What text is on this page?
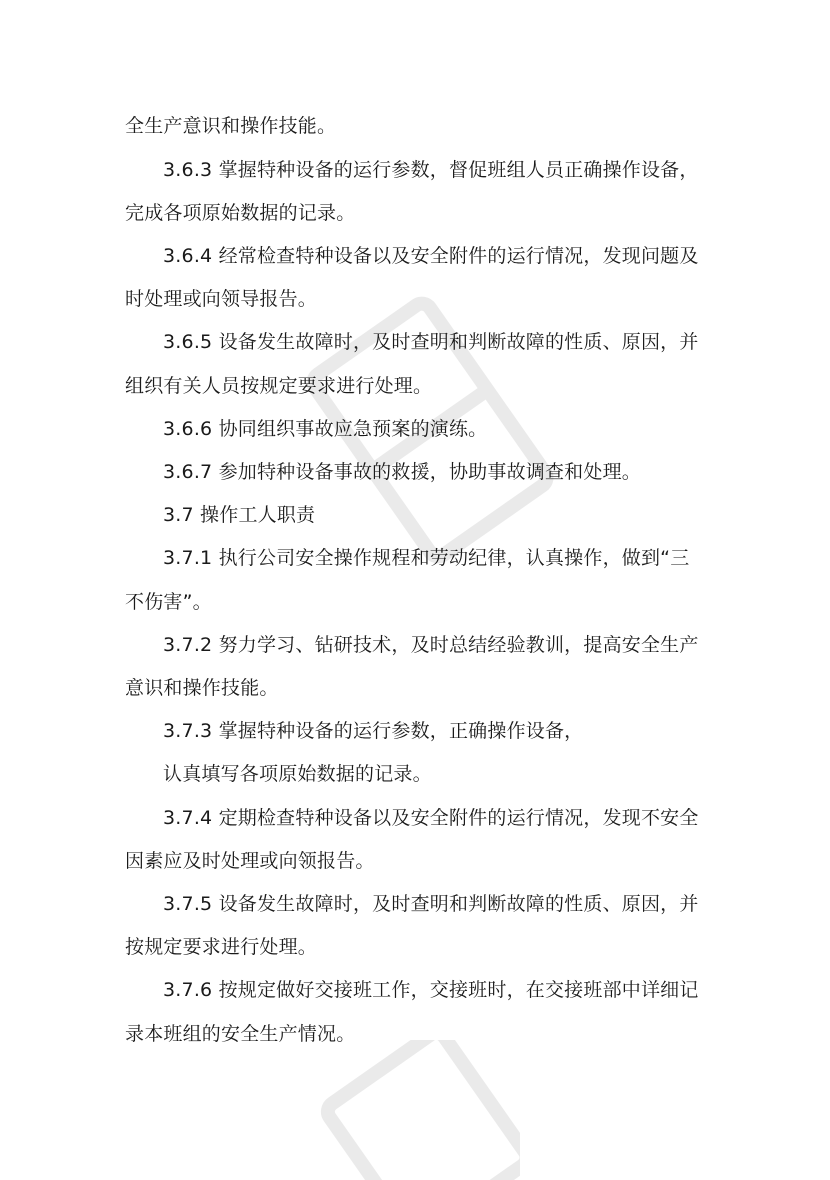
全生产意识和操作技能。
3.6.3 掌握特种设备的运行参数，督促班组人员正确操作设备，
完成各项原始数据的记录。
3.6.4 经常检查特种设备以及安全附件的运行情况，发现问题及
时处理或向领导报告。
3.6.5 设备发生故障时，及时查明和判断故障的性质、原因，并
组织有关人员按规定要求进行处理。
3.6.6 协同组织事故应急预案的演练。
3.6.7 参加特种设备事故的救援，协助事故调查和处理。
3.7 操作工人职责
3.7.1 执行公司安全操作规程和劳动纪律，认真操作，做到“三
不伤害”。
3.7.2 努力学习、钻研技术，及时总结经验教训，提高安全生产
意识和操作技能。
3.7.3 掌握特种设备的运行参数，正确操作设备，
认真填写各项原始数据的记录。
3.7.4 定期检查特种设备以及安全附件的运行情况，发现不安全
因素应及时处理或向领报告。
3.7.5 设备发生故障时，及时查明和判断故障的性质、原因，并
按规定要求进行处理。
3.7.6 按规定做好交接班工作，交接班时，在交接班部中详细记
录本班组的安全生产情况。
